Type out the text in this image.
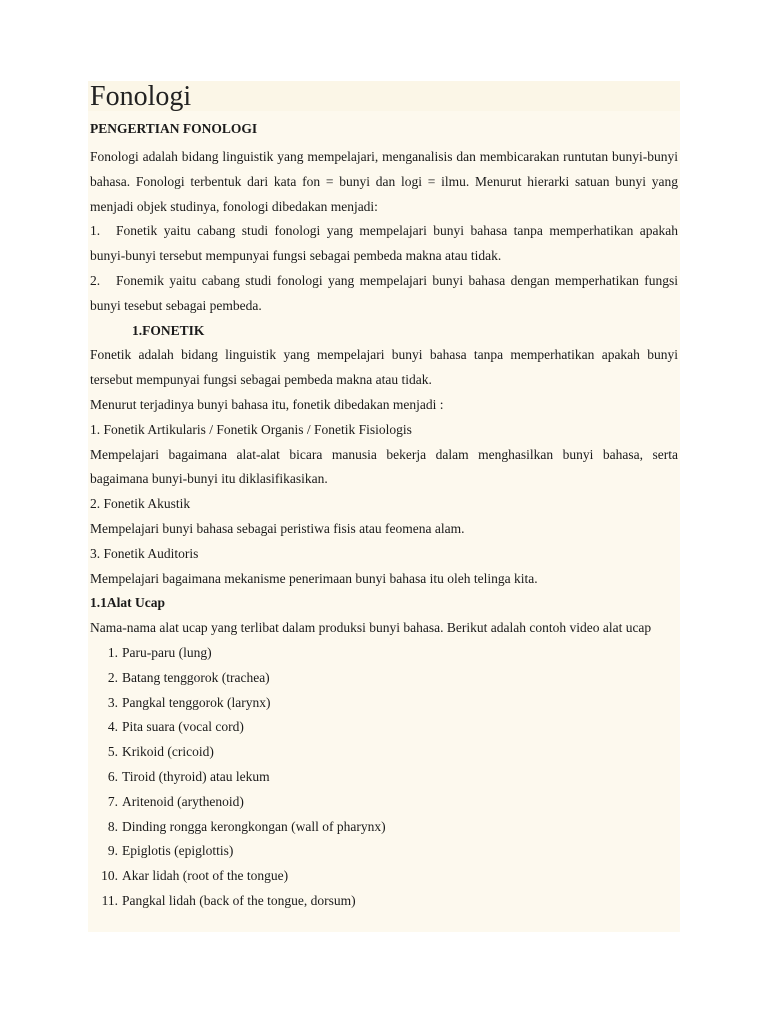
Fonologi
PENGERTIAN FONOLOGI

Fonologi adalah bidang linguistik yang mempelajari, menganalisis dan membicarakan runtutan bunyi-bunyi bahasa. Fonologi terbentuk dari kata fon = bunyi dan logi = ilmu. Menurut hierarki satuan bunyi yang menjadi objek studinya, fonologi dibedakan menjadi:

1. Fonetik yaitu cabang studi fonologi yang mempelajari bunyi bahasa tanpa memperhatikan apakah bunyi-bunyi tersebut mempunyai fungsi sebagai pembeda makna atau tidak.

2. Fonemik yaitu cabang studi fonologi yang mempelajari bunyi bahasa dengan memperhatikan fungsi bunyi tesebut sebagai pembeda.

1.FONETIK

Fonetik adalah bidang linguistik yang mempelajari bunyi bahasa tanpa memperhatikan apakah bunyi tersebut mempunyai fungsi sebagai pembeda makna atau tidak.

Menurut terjadinya bunyi bahasa itu, fonetik dibedakan menjadi :
1. Fonetik Artikularis / Fonetik Organis / Fonetik Fisiologis

Mempelajari bagaimana alat-alat bicara manusia bekerja dalam menghasilkan bunyi bahasa, serta bagaimana bunyi-bunyi itu diklasifikasikan.

2. Fonetik Akustik

Mempelajari bunyi bahasa sebagai peristiwa fisis atau feomena alam.

3. Fonetik Auditoris

Mempelajari bagaimana mekanisme penerimaan bunyi bahasa itu oleh telinga kita.

1.1Alat Ucap

Nama-nama alat ucap yang terlibat dalam produksi bunyi bahasa. Berikut adalah contoh video alat ucap

1. Paru-paru (lung)
2. Batang tenggorok (trachea)
3. Pangkal tenggorok (larynx)
4. Pita suara (vocal cord)
5. Krikoid (cricoid)
6. Tiroid (thyroid) atau lekum
7. Aritenoid (arythenoid)
8. Dinding rongga kerongkongan (wall of pharynx)
9. Epiglotis (epiglottis)
10. Akar lidah (root of the tongue)
11. Pangkal lidah (back of the tongue, dorsum)
